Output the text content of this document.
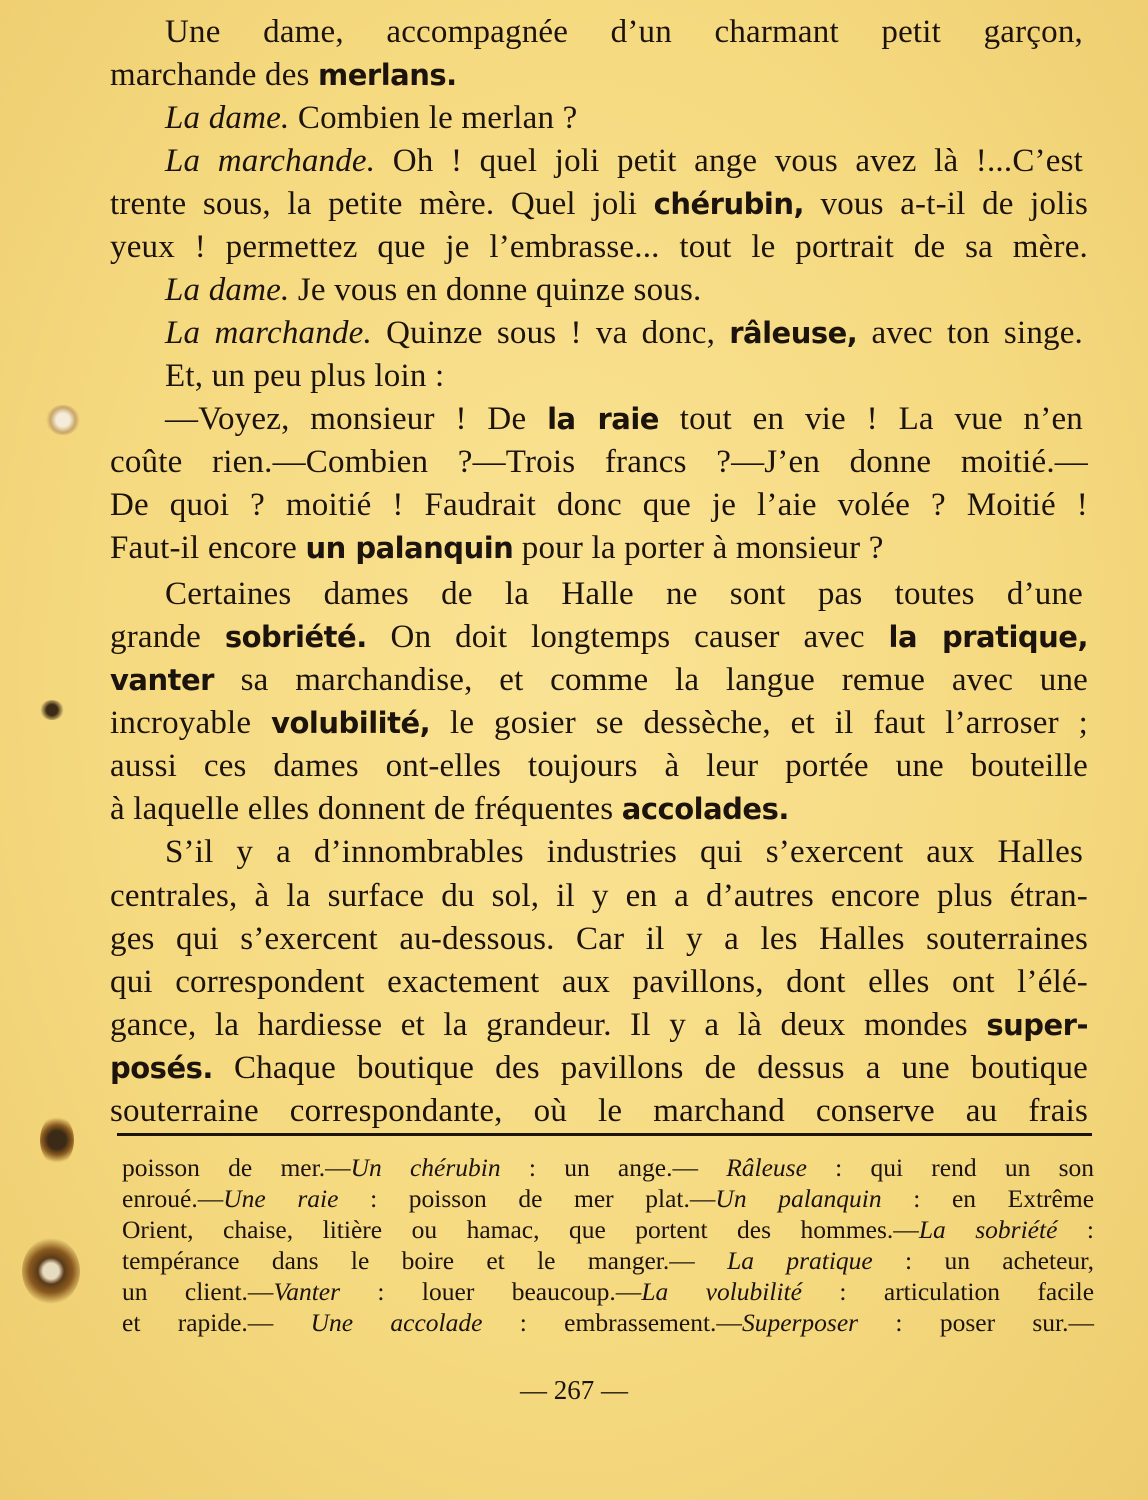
Une dame, accompagnée d’un charmant petit garçon,
marchande des merlans.
La dame. Combien le merlan ?
La marchande. Oh ! quel joli petit ange vous avez là !...C’est
trente sous, la petite mère. Quel joli chérubin, vous a-t-il de jolis
yeux ! permettez que je l’embrasse... tout le portrait de sa mère.
La dame. Je vous en donne quinze sous.
La marchande. Quinze sous ! va donc, râleuse, avec ton singe.
Et, un peu plus loin :
—Voyez, monsieur ! De la raie tout en vie ! La vue n’en
coûte rien.—Combien ?—Trois francs ?—J’en donne moitié.—
De quoi ? moitié ! Faudrait donc que je l’aie volée ? Moitié !
Faut-il encore un palanquin pour la porter à monsieur ?
Certaines dames de la Halle ne sont pas toutes d’une
grande sobriété. On doit longtemps causer avec la pratique,
vanter sa marchandise, et comme la langue remue avec une
incroyable volubilité, le gosier se dessèche, et il faut l’arroser ;
aussi ces dames ont-elles toujours à leur portée une bouteille
à laquelle elles donnent de fréquentes accolades.
S’il y a d’innombrables industries qui s’exercent aux Halles
centrales, à la surface du sol, il y en a d’autres encore plus étran-
ges qui s’exercent au-dessous. Car il y a les Halles souterraines
qui correspondent exactement aux pavillons, dont elles ont l’élé-
gance, la hardiesse et la grandeur. Il y a là deux mondes super-
posés. Chaque boutique des pavillons de dessus a une boutique
souterraine correspondante, où le marchand conserve au frais
poisson de mer.—Un chérubin : un ange.— Râleuse : qui rend un son
enroué.—Une raie : poisson de mer plat.—Un palanquin : en Extrême
Orient, chaise, litière ou hamac, que portent des hommes.—La sobriété :
tempérance dans le boire et le manger.— La pratique : un acheteur,
un client.—Vanter : louer beaucoup.—La volubilité : articulation facile
et rapide.— Une accolade : embrassement.—Superposer : poser sur.—
— 267 —
